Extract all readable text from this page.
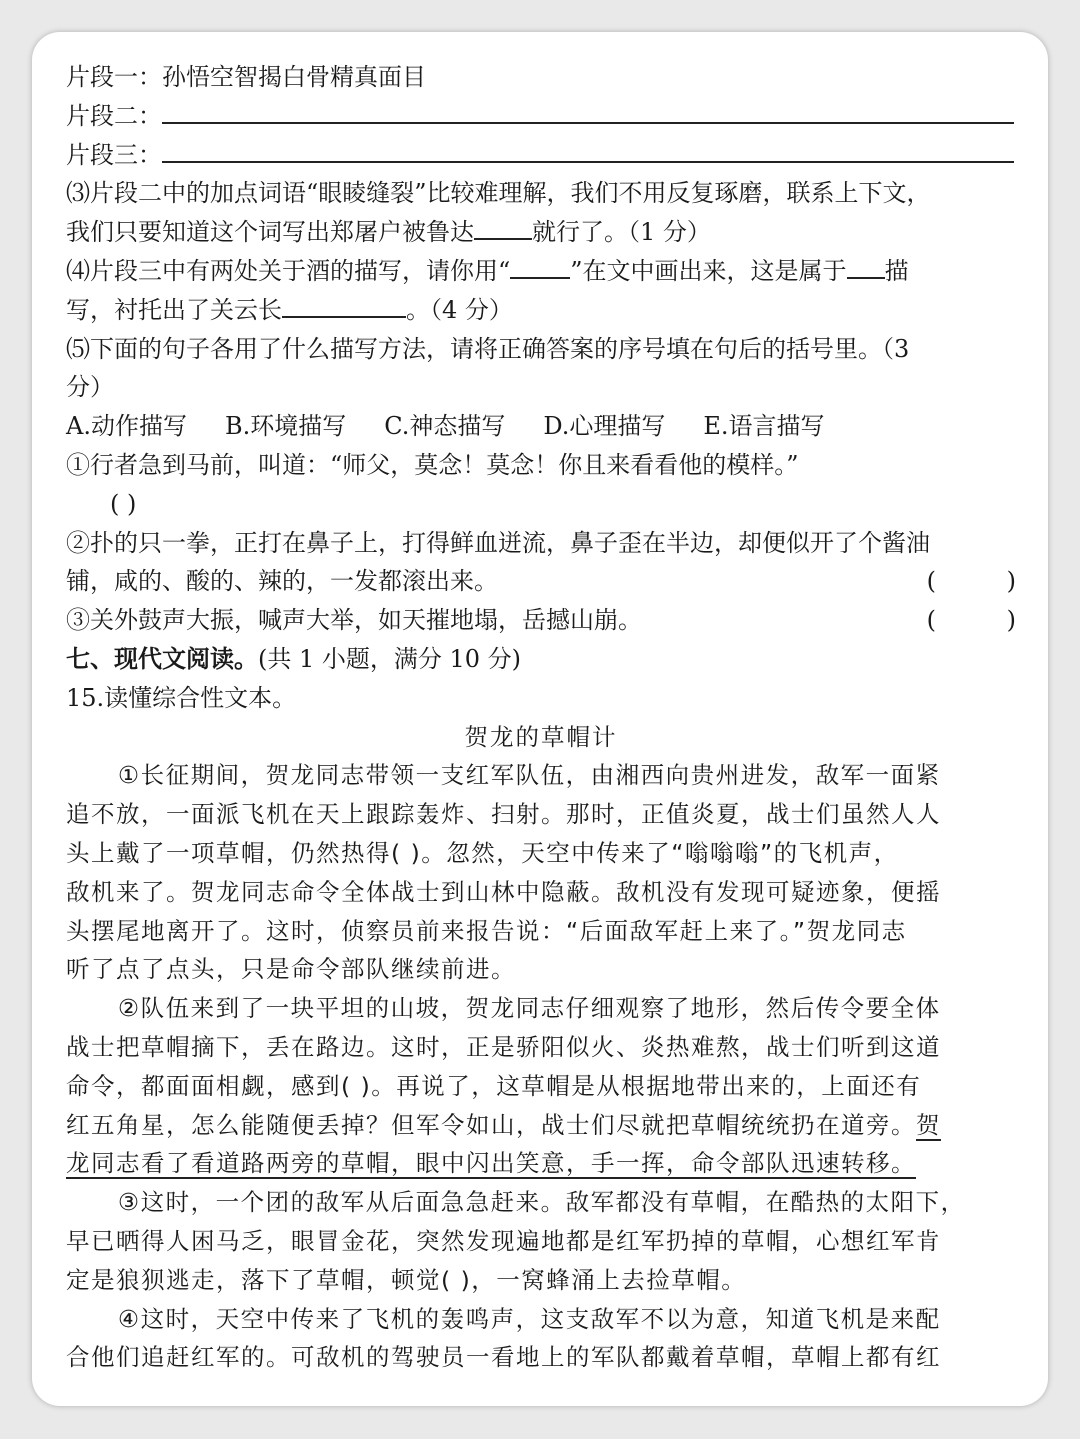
片段一：孙悟空智揭白骨精真面目
片段二：
片段三：
⑶片段二中的加点词语“眼睖缝裂”比较难理解，我们不用反复琢磨，联系上下文，
我们只要知道这个词写出郑屠户被鲁达 就行了。（1 分）
⑷片段三中有两处关于酒的描写，请你用“	”在文中画出来，这是属于 描
写，衬托出了关云长	。（4 分）
⑸下面的句子各用了什么描写方法，请将正确答案的序号填在句后的括号里。（3
分）
A.动作描写 B.环境描写 C.神态描写 D.心理描写 E.语言描写
①行者急到马前，叫道：“师父，莫念！莫念！你且来看看他的模样。”
( )
②扑的只一拳，正打在鼻子上，打得鲜血迸流，鼻子歪在半边，却便似开了个酱油
铺，咸的、酸的、辣的，一发都滚出来。	(	)
③关外鼓声大振，喊声大举，如天摧地塌，岳撼山崩。	(	)
七、现代文阅读。(共 1 小题，满分 10 分)
15.读懂综合性文本。
贺龙的草帽计
①长征期间，贺龙同志带领一支红军队伍，由湘西向贵州进发，敌军一面紧
追不放，一面派飞机在天上跟踪轰炸、扫射。那时，正值炎夏，战士们虽然人人
头上戴了一项草帽，仍然热得( )。忽然，天空中传来了“嗡嗡嗡”的飞机声，
敌机来了。贺龙同志命令全体战士到山林中隐蔽。敌机没有发现可疑迹象，便摇
头摆尾地离开了。这时，侦察员前来报告说：“后面敌军赶上来了。”贺龙同志
听了点了点头，只是命令部队继续前进。
②队伍来到了一块平坦的山坡，贺龙同志仔细观察了地形，然后传令要全体
战士把草帽摘下，丢在路边。这时，正是骄阳似火、炎热难熬，战士们听到这道
命令，都面面相觑，感到( )。再说了，这草帽是从根据地带出来的，上面还有
红五角星，怎么能随便丢掉？但军令如山，战士们尽就把草帽统统扔在道旁。贺
龙同志看了看道路两旁的草帽，眼中闪出笑意，手一挥，命令部队迅速转移。
③这时，一个团的敌军从后面急急赶来。敌军都没有草帽，在酷热的太阳下，
早已晒得人困马乏，眼冒金花，突然发现遍地都是红军扔掉的草帽，心想红军肯
定是狼狈逃走，落下了草帽，顿觉( )，一窝蜂涌上去捡草帽。
④这时，天空中传来了飞机的轰鸣声，这支敌军不以为意，知道飞机是来配
合他们追赶红军的。可敌机的驾驶员一看地上的军队都戴着草帽，草帽上都有红
